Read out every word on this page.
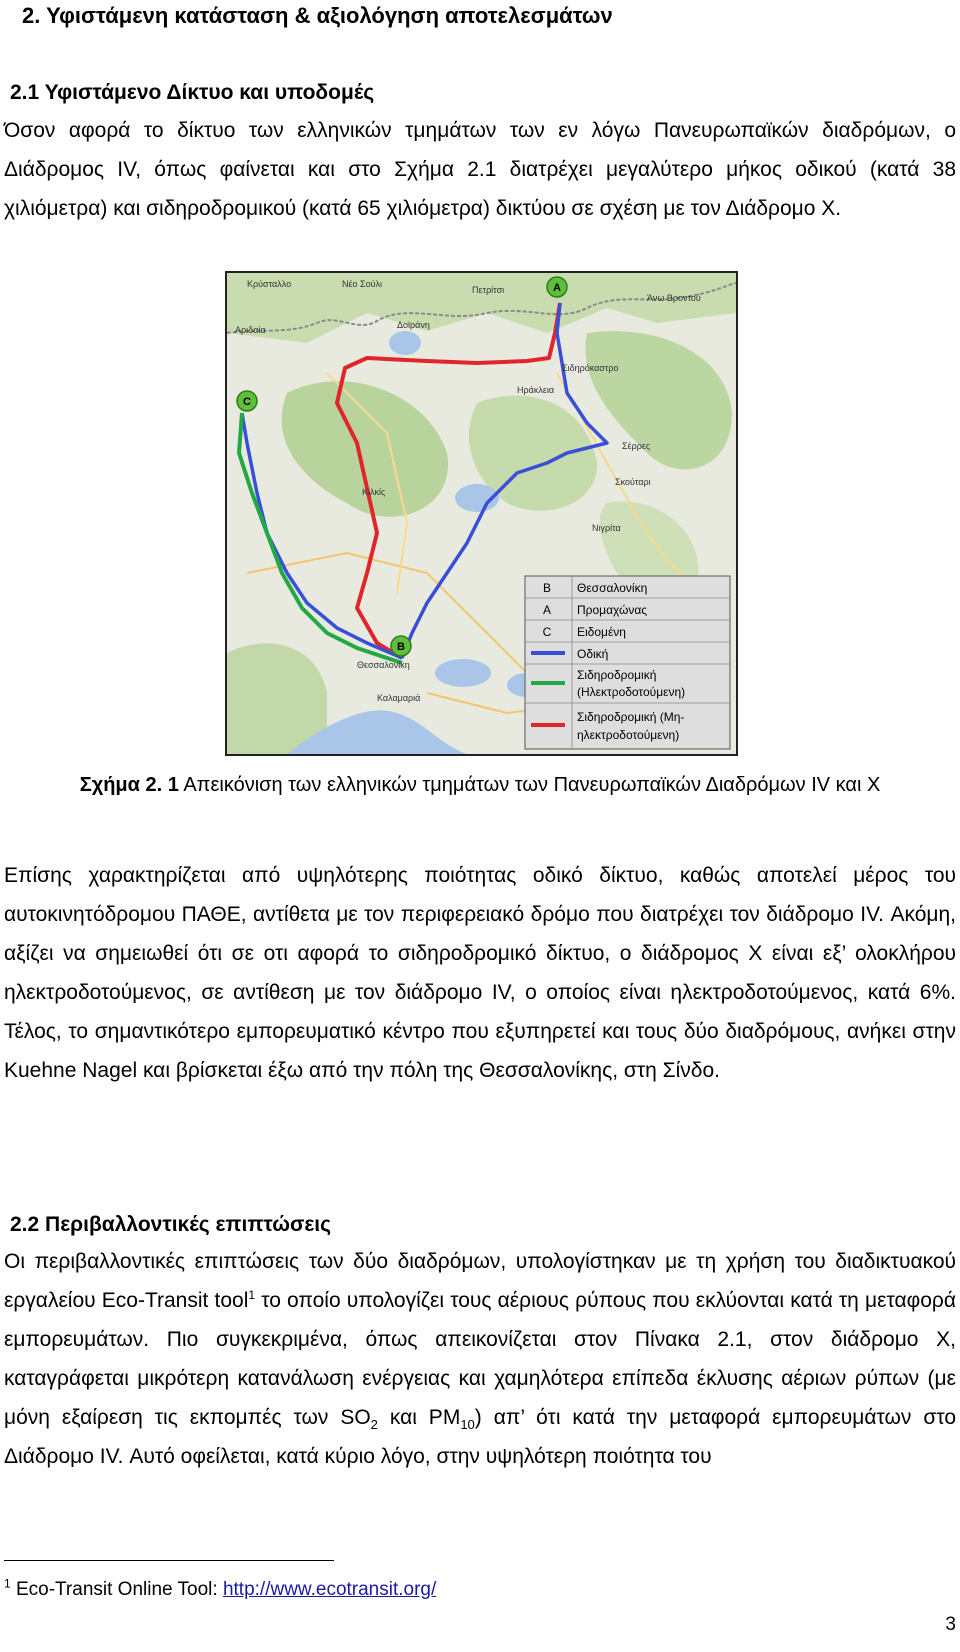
2. Υφιστάμενη κατάσταση & αξιολόγηση αποτελεσμάτων
2.1 Υφιστάμενο Δίκτυο και υποδομές

Όσον αφορά το δίκτυο των ελληνικών τμημάτων των εν λόγω Πανευρωπαϊκών διαδρόμων, ο Διάδρομος IV, όπως φαίνεται και στο Σχήμα 2.1 διατρέχει μεγαλύτερο μήκος οδικού (κατά 38 χιλιόμετρα) και σιδηροδρομικού (κατά 65 χιλιόμετρα) δικτύου σε σχέση με τον Διάδρομο Χ.

A
B
C
Κρύσταλλο	Νέο Σούλι
Πετρίτσι
Άνω Βροντού
Δοϊράνη
Σιδηρόκαστρο
Ηράκλεια
Σέρρες
Σκούταρι
Νιγρίτα
Κιλκίς
Θεσσαλονίκη
Καλαμαριά
Αριδαία
B Θεσσαλονίκη
A Προμαχώνας
C Ειδομένη
Οδική
Σιδηροδρομική
(Ηλεκτροδοτούμενη)
Σιδηροδρομική (Μη-
ηλεκτροδοτούμενη)
Σχήμα 2. 1 Απεικόνιση των ελληνικών τμημάτων των Πανευρωπαϊκών Διαδρόμων IV και Χ

Επίσης χαρακτηρίζεται από υψηλότερης ποιότητας οδικό δίκτυο, καθώς αποτελεί μέρος του αυτοκινητόδρομου ΠΑΘΕ, αντίθετα με τον περιφερειακό δρόμο που διατρέχει τον διάδρομο IV. Ακόμη, αξίζει να σημειωθεί ότι σε οτι αφορά το σιδηροδρομικό δίκτυο, ο διάδρομος Χ είναι εξ’ ολοκλήρου ηλεκτροδοτούμενος, σε αντίθεση με τον διάδρομο IV, ο οποίος είναι ηλεκτροδοτούμενος, κατά 6%. Τέλος, το σημαντικότερο εμπορευματικό κέντρο που εξυπηρετεί και τους δύο διαδρόμους, ανήκει στην Kuehne Nagel και βρίσκεται έξω από την πόλη της Θεσσαλονίκης, στη Σίνδο.

2.2 Περιβαλλοντικές επιπτώσεις

Οι περιβαλλοντικές επιπτώσεις των δύο διαδρόμων, υπολογίστηκαν με τη χρήση του διαδικτυακού εργαλείου Eco-Transit tool$^1$ το οποίο υπολογίζει τους αέριους ρύπους που εκλύονται κατά τη μεταφορά εμπορευμάτων. Πιο συγκεκριμένα, όπως απεικονίζεται στον Πίνακα 2.1, στον διάδρομο Χ, καταγράφεται μικρότερη κατανάλωση ενέργειας και χαμηλότερα επίπεδα έκλυσης αέριων ρύπων (με μόνη εξαίρεση τις εκπομπές των $SO_2$ και $PM_{10}$) απ’ ότι κατά την μεταφορά εμπορευμάτων στο Διάδρομο IV. Αυτό οφείλεται, κατά κύριο λόγο, στην υψηλότερη ποιότητα του

$^1$ Eco-Transit Online Tool: http://www.ecotransit.org/
3
